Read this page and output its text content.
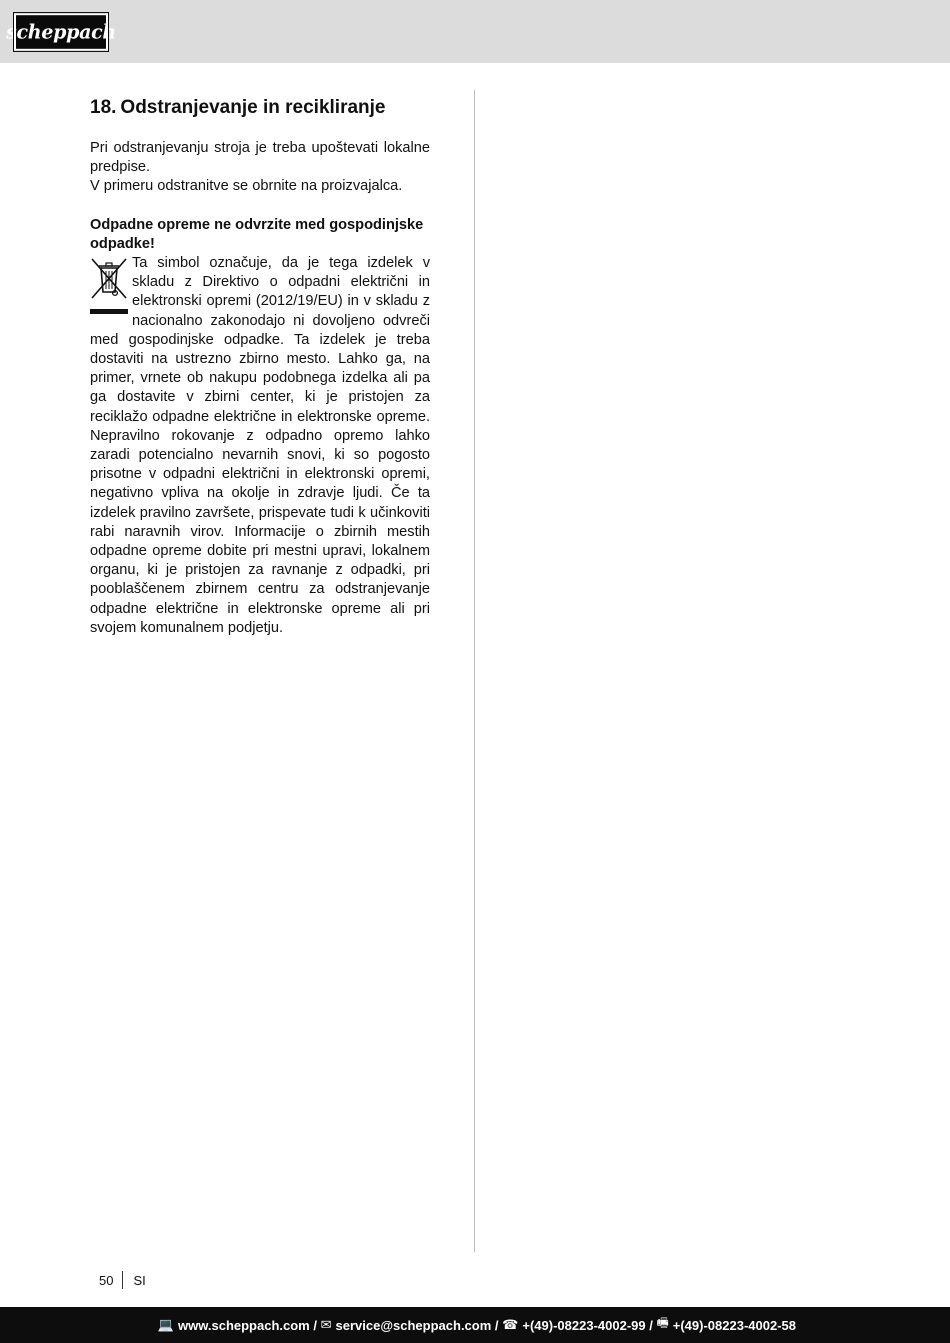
scheppach
18. Odstranjevanje in recikliranje

Pri odstranjevanju stroja je treba upoštevati lokalne predpise.

V primeru odstranitve se obrnite na proizvajalca.

Odpadne opreme ne odvrzite med gospodinjske odpadke!

Ta simbol označuje, da je tega izdelek v skladu z Direktivo o odpadni električni in elektronski opremi (2012/19/EU) in v skladu z nacionalno zakonodajo ni dovoljeno odvreči med gospodinjske odpadke. Ta izdelek je treba dostaviti na ustrezno zbirno mesto. Lahko ga, na primer, vrnete ob nakupu podobnega izdelka ali pa ga dostavite v zbirni center, ki je pristojen za reciklažo odpadne električne in elektronske opreme. Nepravilno rokovanje z odpadno opremo lahko zaradi potencialno nevarnih snovi, ki so pogosto prisotne v odpadni električni in elektronski opremi, negativno vpliva na okolje in zdravje ljudi. Če ta izdelek pravilno završete, prispevate tudi k učinkoviti rabi naravnih virov. Informacije o zbirnih mestih odpadne opreme dobite pri mestni upravi, lokalnem organu, ki je pristojen za ravnanje z odpadki, pri pooblaščenem zbirnem centru za odstranjevanje odpadne električne in elektronske opreme ali pri svojem komunalnem podjetju.

50 SI
💻 www.scheppach.com
/
✉ service@scheppach.com
/
☎ +(49)-08223-4002-99
/
🖷 +(49)-08223-4002-58
